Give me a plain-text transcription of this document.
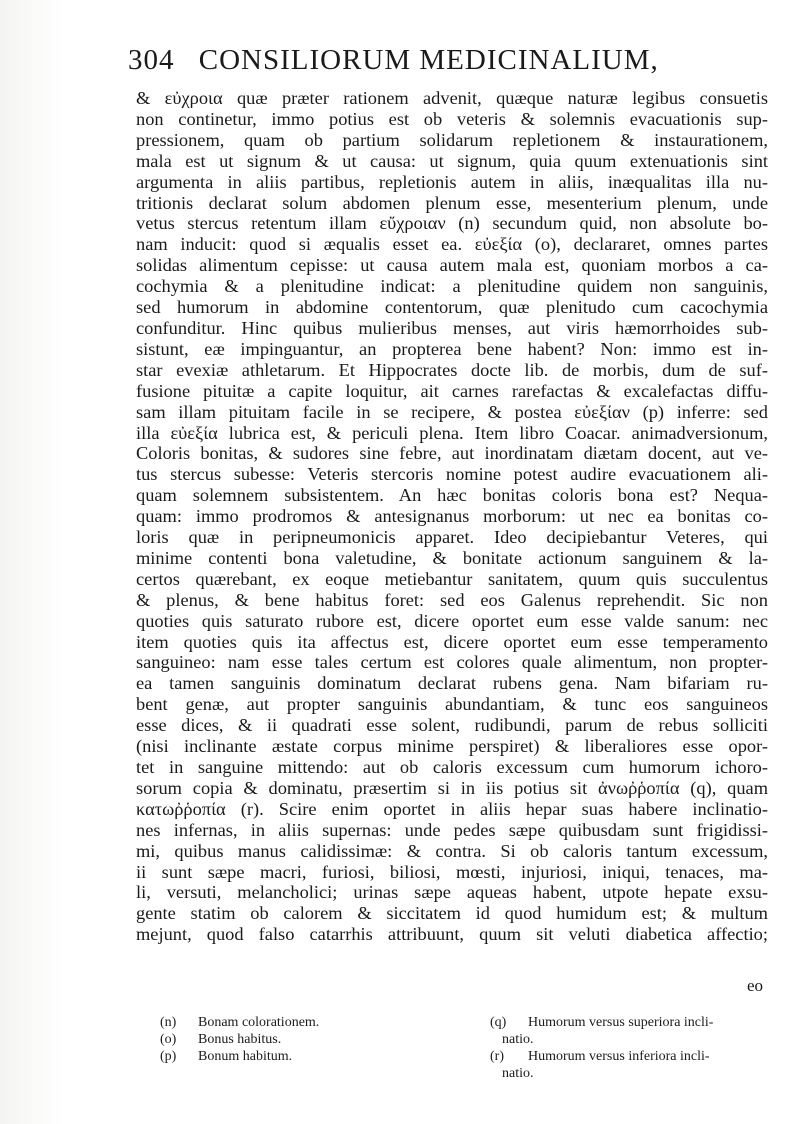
304 CONSILIORUM MEDICINALIUM,
& εὐχροια quæ præter rationem advenit, quæque naturæ legibus consuetis
non continetur, immo potius est ob veteris & solemnis evacuationis sup-
pressionem, quam ob partium solidarum repletionem & instaurationem,
mala est ut signum & ut causa: ut signum, quia quum extenuationis sint
argumenta in aliis partibus, repletionis autem in aliis, inæqualitas illa nu-
tritionis declarat solum abdomen plenum esse, mesenterium plenum, unde
vetus stercus retentum illam εὔχροιαν (n) secundum quid, non absolute bo-
nam inducit: quod si æqualis esset ea. εὐεξία (o), declararet, omnes partes
solidas alimentum cepisse: ut causa autem mala est, quoniam morbos a ca-
cochymia & a plenitudine indicat: a plenitudine quidem non sanguinis,
sed humorum in abdomine contentorum, quæ plenitudo cum cacochymia
confunditur. Hinc quibus mulieribus menses, aut viris hæmorrhoides sub-
sistunt, eæ impinguantur, an propterea bene habent? Non: immo est in-
star evexiæ athletarum. Et Hippocrates docte lib. de morbis, dum de suf-
fusione pituitæ a capite loquitur, ait carnes rarefactas & excalefactas diffu-
sam illam pituitam facile in se recipere, & postea εὐεξίαν (p) inferre: sed
illa εὐεξία lubrica est, & periculi plena. Item libro Coacar. animadversionum,
Coloris bonitas, & sudores sine febre, aut inordinatam diætam docent, aut ve-
tus stercus subesse: Veteris stercoris nomine potest audire evacuationem ali-
quam solemnem subsistentem. An hæc bonitas coloris bona est? Nequa-
quam: immo prodromos & antesignanus morborum: ut nec ea bonitas co-
loris quæ in peripneumonicis apparet. Ideo decipiebantur Veteres, qui
minime contenti bona valetudine, & bonitate actionum sanguinem & la-
certos quærebant, ex eoque metiebantur sanitatem, quum quis succulentus
& plenus, & bene habitus foret: sed eos Galenus reprehendit. Sic non
quoties quis saturato rubore est, dicere oportet eum esse valde sanum: nec
item quoties quis ita affectus est, dicere oportet eum esse temperamento
sanguineo: nam esse tales certum est colores quale alimentum, non propter-
ea tamen sanguinis dominatum declarat rubens gena. Nam bifariam ru-
bent genæ, aut propter sanguinis abundantiam, & tunc eos sanguineos
esse dices, & ii quadrati esse solent, rudibundi, parum de rebus solliciti
(nisi inclinante æstate corpus minime perspiret) & liberaliores esse opor-
tet in sanguine mittendo: aut ob caloris excessum cum humorum ichoro-
sorum copia & dominatu, præsertim si in iis potius sit ἀνωῤῥοπία (q), quam
κατωῤῥοπία (r). Scire enim oportet in aliis hepar suas habere inclinatio-
nes infernas, in aliis supernas: unde pedes sæpe quibusdam sunt frigidissi-
mi, quibus manus calidissimæ: & contra. Si ob caloris tantum excessum,
ii sunt sæpe macri, furiosi, biliosi, mœsti, injuriosi, iniqui, tenaces, ma-
li, versuti, melancholici; urinas sæpe aqueas habent, utpote hepate exsu-
gente statim ob calorem & siccitatem id quod humidum est; & multum
mejunt, quod falso catarrhis attribuunt, quum sit veluti diabetica affectio;
eo
(n) Bonam colorationem.
(o) Bonus habitus.
(p) Bonum habitum.
(q) Humorum versus superiora incli-
natio.
(r) Humorum versus inferiora incli-
natio.
